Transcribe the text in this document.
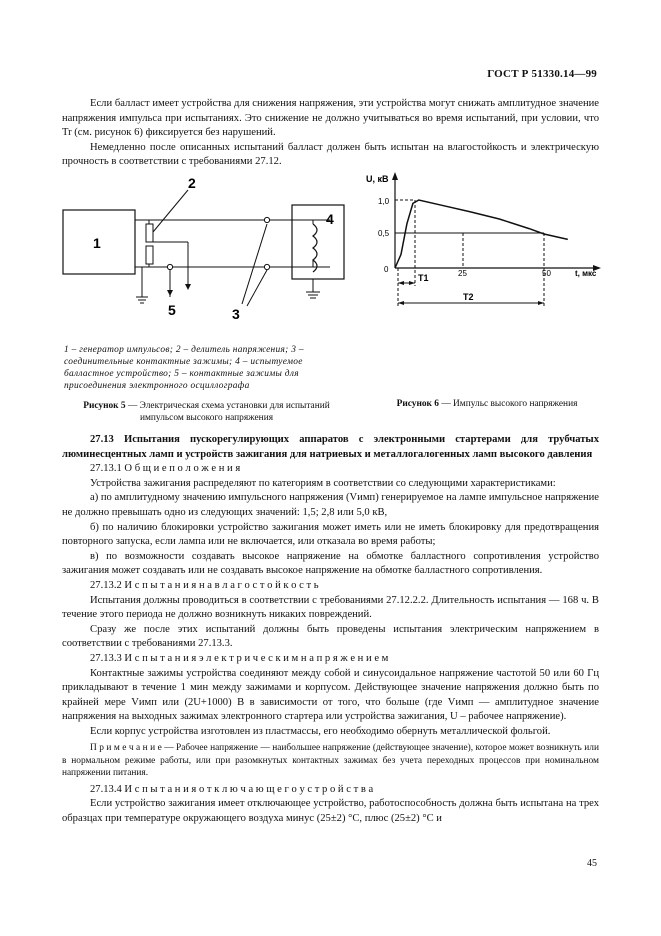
ГОСТ Р 51330.14—99

Если балласт имеет устройства для снижения напряжения, эти устройства могут снижать амплитудное значение напряжения импульса при испытаниях. Это снижение не должно учитываться во время испытаний, при условии, что Tr (см. рисунок 6) фиксируется без нарушений.

Немедленно после описанных испытаний балласт должен быть испытан на влагостойкость и электрическую прочность в соответствии с требованиями 27.12.

1
2
5	3
4
1 – генератор импульсов; 2 – делитель напряжения; 3 – соединительные контактные зажимы; 4 – испытуемое балластное устройство; 5 – контактные зажимы для присоединения электронного осциллографа
Рисунок 5 — Электрическая схема установки для испытаний импульсом высокого напряжения
U, кВ
t, мкс
1,0
0,5
0	25	50
T1
T2
Рисунок 6 — Импульс высокого напряжения

27.13 Испытания пускорегулирующих аппаратов с электронными стартерами для трубчатых люминесцентных ламп и устройств зажигания для натриевых и металлогалогенных ламп высокого давления

27.13.1 О б щ и е п о л о ж е н и я

Устройства зажигания распределяют по категориям в соответствии со следующими характеристиками:

а) по амплитудному значению импульсного напряжения (Vимп) генерируемое на лампе импульсное напряжение не должно превышать одно из следующих значений: 1,5; 2,8 или 5,0 кВ,

б) по наличию блокировки устройство зажигания может иметь или не иметь блокировку для предотвращения повторного запуска, если лампа или не включается, или отказала во время работы;

в) по возможности создавать высокое напряжение на обмотке балластного сопротивления устройство зажигания может создавать или не создавать высокое напряжение на обмотке балластного сопротивления.

27.13.2 И с п ы т а н и я н а в л а г о с т о й к о с т ь

Испытания должны проводиться в соответствии с требованиями 27.12.2.2. Длительность испытания — 168 ч. В течение этого периода не должно возникнуть никаких повреждений.

Сразу же после этих испытаний должны быть проведены испытания электрическим напряжением в соответствии с требованиями 27.13.3.

27.13.3 И с п ы т а н и я э л е к т р и ч е с к и м н а п р я ж е н и е м

Контактные зажимы устройства соединяют между собой и синусоидальное напряжение частотой 50 или 60 Гц прикладывают в течение 1 мин между зажимами и корпусом. Действующее значение напряжения должно быть по крайней мере Vимп или (2U+1000) В в зависимости от того, что больше (где Vимп — амплитудное значение напряжения на выходных зажимах электронного стартера или устройства зажигания, U – рабочее напряжение).

Если корпус устройства изготовлен из пластмассы, его необходимо обернуть металлической фольгой.

П р и м е ч а н и е — Рабочее напряжение — наибольшее напряжение (действующее значение), которое может возникнуть или в нормальном режиме работы, или при разомкнутых контактных зажимах без учета переходных процессов при номинальном напряжении питания.

27.13.4 И с п ы т а н и я о т к л ю ч а ю щ е г о у с т р о й с т в а

Если устройство зажигания имеет отключающее устройство, работоспособность должна быть испытана на трех образцах при температуре окружающего воздуха минус (25±2) °С, плюс (25±2) °С и

45
